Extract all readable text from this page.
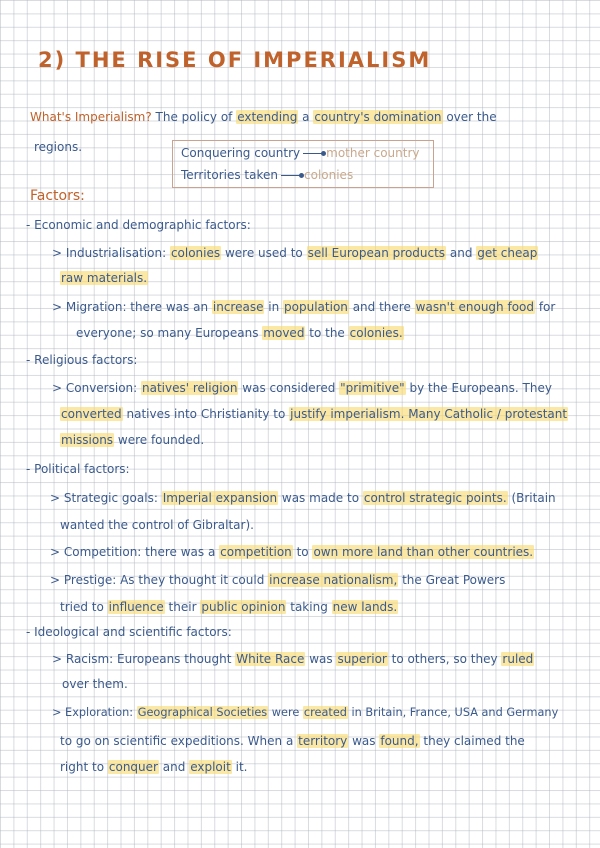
2) THE RISE OF IMPERIALISM
What's Imperialism? The policy of extending a country's domination over the
regions.	Conquering country mother country
Territories taken colonies
Factors:
- Economic and demographic factors:
> Industrialisation: colonies were used to sell European products and get cheap
raw materials.
> Migration: there was an increase in population and there wasn't enough food for
everyone; so many Europeans moved to the colonies.
- Religious factors:
> Conversion: natives' religion was considered "primitive" by the Europeans. They
converted natives into Christianity to justify imperialism. Many Catholic / protestant
missions were founded.
- Political factors:
> Strategic goals: Imperial expansion was made to control strategic points. (Britain
wanted the control of Gibraltar).
> Competition: there was a competition to own more land than other countries.
> Prestige: As they thought it could increase nationalism, the Great Powers
tried to influence their public opinion taking new lands.
- Ideological and scientific factors:
> Racism: Europeans thought White Race was superior to others, so they ruled
over them.
> Exploration: Geographical Societies were created in Britain, France, USA and Germany
to go on scientific expeditions. When a territory was found, they claimed the
right to conquer and exploit it.
